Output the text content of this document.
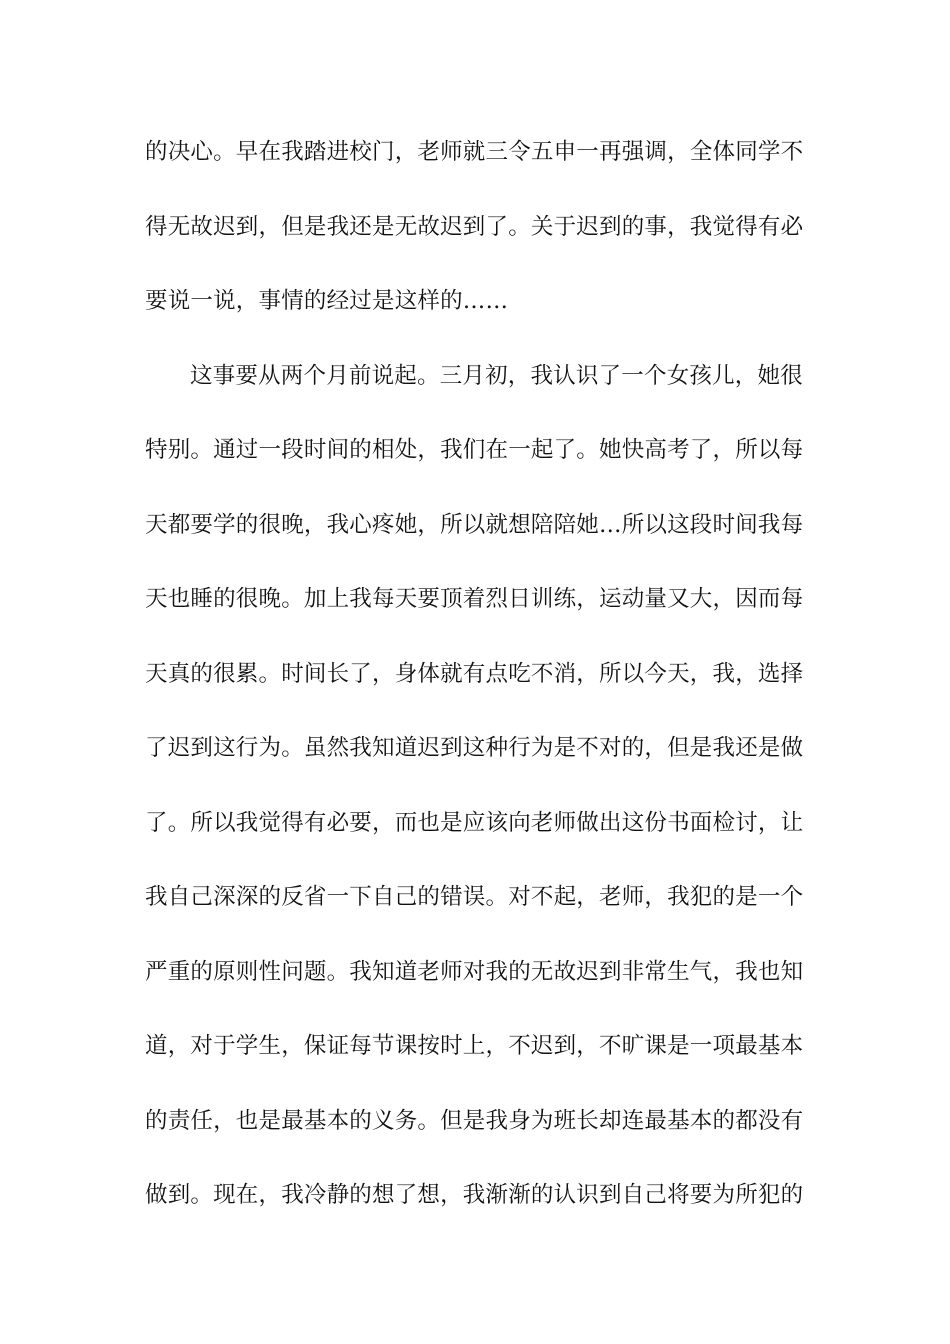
的决心。早在我踏进校门，老师就三令五申一再强调，全体同学不
得无故迟到，但是我还是无故迟到了。关于迟到的事，我觉得有必
要说一说，事情的经过是这样的……
这事要从两个月前说起。三月初，我认识了一个女孩儿，她很
特别。通过一段时间的相处，我们在一起了。她快高考了，所以每
天都要学的很晚，我心疼她，所以就想陪陪她…所以这段时间我每
天也睡的很晚。加上我每天要顶着烈日训练，运动量又大，因而每
天真的很累。时间长了，身体就有点吃不消，所以今天，我，选择
了迟到这行为。虽然我知道迟到这种行为是不对的，但是我还是做
了。所以我觉得有必要，而也是应该向老师做出这份书面检讨，让
我自己深深的反省一下自己的错误。对不起，老师，我犯的是一个
严重的原则性问题。我知道老师对我的无故迟到非常生气，我也知
道，对于学生，保证每节课按时上，不迟到，不旷课是一项最基本
的责任，也是最基本的义务。但是我身为班长却连最基本的都没有
做到。现在，我冷静的想了想，我渐渐的认识到自己将要为所犯的
